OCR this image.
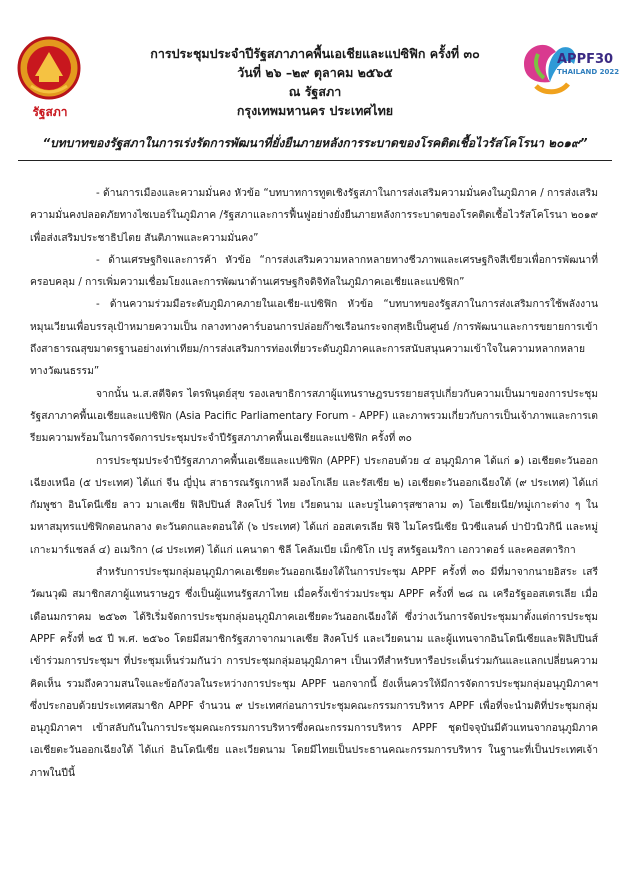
รัฐสภา
APPF30
THAILAND 2022
การประชุมประจำปีรัฐสภาภาคพื้นเอเชียและแปซิฟิก ครั้งที่ ๓๐
วันที่ ๒๖ –๒๙ ตุลาคม ๒๕๖๕
ณ รัฐสภา
กรุงเทพมหานคร ประเทศไทย
“บทบาทของรัฐสภาในการเร่งรัดการพัฒนาที่ยั่งยืนภายหลังการระบาดของโรคติดเชื้อไวรัสโคโรนา ๒๐๑๙”

- ด้านการเมืองและความมั่นคง หัวข้อ “บทบาทการทูตเชิงรัฐสภาในการส่งเสริมความมั่นคงในภูมิภาค / การส่งเสริมความมั่นคงปลอดภัยทางไซเบอร์ในภูมิภาค /รัฐสภาและการฟื้นฟูอย่างยั่งยืนภายหลังการระบาดของโรคติดเชื้อไวรัสโคโรนา ๒๐๑๙ เพื่อส่งเสริมประชาธิปไตย สันติภาพและความมั่นคง”

- ด้านเศรษฐกิจและการค้า หัวข้อ “การส่งเสริมความหลากหลายทางชีวภาพและเศรษฐกิจสีเขียวเพื่อการพัฒนาที่ครอบคลุม / การเพิ่มความเชื่อมโยงและการพัฒนาด้านเศรษฐกิจดิจิทัลในภูมิภาคเอเชียและแปซิฟิก”

- ด้านความร่วมมือระดับภูมิภาคภายในเอเชีย-แปซิฟิก หัวข้อ “บทบาทของรัฐสภาในการส่งเสริมการใช้พลังงานหมุนเวียนเพื่อบรรลุเป้าหมายความเป็น กลางทางคาร์บอนการปล่อยก๊าซเรือนกระจกสุทธิเป็นศูนย์ /การพัฒนาและการขยายการเข้าถึงสาธารณสุขมาตรฐานอย่างเท่าเทียม/การส่งเสริมการท่องเที่ยวระดับภูมิภาคและการสนับสนุนความเข้าใจในความหลากหลายทางวัฒนธรรม”

จากนั้น น.ส.สตีจิตร ไตรพินุดย์สุข รองเลขาธิการสภาผู้แทนราษฎรบรรยายสรุปเกี่ยวกับความเป็นมาของการประชุมรัฐสภาภาคพื้นเอเชียและแปซิฟิก (Asia Pacific Parliamentary Forum - APPF) และภาพรวมเกี่ยวกับการเป็นเจ้าภาพและการเตรียมความพร้อมในการจัดการประชุมประจำปีรัฐสภาภาคพื้นเอเชียและแปซิฟิก ครั้งที่ ๓๐

การประชุมประจำปีรัฐสภาภาคพื้นเอเชียและแปซิฟิก (APPF) ประกอบด้วย ๔ อนุภูมิภาค ได้แก่ ๑) เอเชียตะวันออกเฉียงเหนือ (๕ ประเทศ) ได้แก่ จีน ญี่ปุ่น สาธารณรัฐเกาหลี มองโกเลีย และรัสเซีย ๒) เอเชียตะวันออกเฉียงใต้ (๙ ประเทศ) ได้แก่ กัมพูชา อินโดนีเซีย ลาว มาเลเซีย ฟิลิปปินส์ สิงคโปร์ ไทย เวียดนาม และบรูไนดารุสซาลาม ๓) โอเชียเนีย/หมู่เกาะต่าง ๆ ในมหาสมุทรแปซิฟิกตอนกลาง ตะวันตกและตอนใต้ (๖ ประเทศ) ได้แก่ ออสเตรเลีย ฟิจิ ไมโครนีเซีย นิวซีแลนด์ ปาปัวนิวกินี และหมู่เกาะมาร์แชลล์ ๔) อเมริกา (๘ ประเทศ) ได้แก่ แคนาดา ชิลี โคลัมเบีย เม็กซิโก เปรู สหรัฐอเมริกา เอกวาดอร์ และคอสตาริกา

สำหรับการประชุมกลุ่มอนุภูมิภาคเอเชียตะวันออกเฉียงใต้ในการประชุม APPF ครั้งที่ ๓๐ มีที่มาจากนายอิสระ เสรีวัฒนวุฒิ สมาชิกสภาผู้แทนราษฎร ซึ่งเป็นผู้แทนรัฐสภาไทย เมื่อครั้งเข้าร่วมประชุม APPF ครั้งที่ ๒๘ ณ เครือรัฐออสเตรเลีย เมื่อเดือนมกราคม ๒๕๖๓ ได้ริเริ่มจัดการประชุมกลุ่มอนุภูมิภาคเอเชียตะวันออกเฉียงใต้ ซึ่งว่างเว้นการจัดประชุมมาตั้งแต่การประชุม APPF ครั้งที่ ๒๕ ปี พ.ศ. ๒๕๖๐ โดยมีสมาชิกรัฐสภาจากมาเลเซีย สิงคโปร์ และเวียดนาม และผู้แทนจากอินโดนีเซียและฟิลิปปินส์เข้าร่วมการประชุมฯ ที่ประชุมเห็นร่วมกันว่า การประชุมกลุ่มอนุภูมิภาคฯ เป็นเวทีสำหรับหารือประเด็นร่วมกันและแลกเปลี่ยนความคิดเห็น รวมถึงความสนใจและข้อกังวลในระหว่างการประชุม APPF นอกจากนี้ ยังเห็นควรให้มีการจัดการประชุมกลุ่มอนุภูมิภาคฯ ซึ่งประกอบด้วยประเทศสมาชิก APPF จำนวน ๙ ประเทศก่อนการประชุมคณะกรรมการบริหาร APPF เพื่อที่จะนำมติที่ประชุมกลุ่มอนุภูมิภาคฯ เข้าสลับกันในการประชุมคณะกรรมการบริหารซึ่งคณะกรรมการบริหาร APPF ชุดปัจจุบันมีตัวแทนจากอนุภูมิภาคเอเชียตะวันออกเฉียงใต้ ได้แก่ อินโดนีเซีย และเวียดนาม โดยมีไทยเป็นประธานคณะกรรมการบริหาร ในฐานะที่เป็นประเทศเจ้าภาพในปีนี้
